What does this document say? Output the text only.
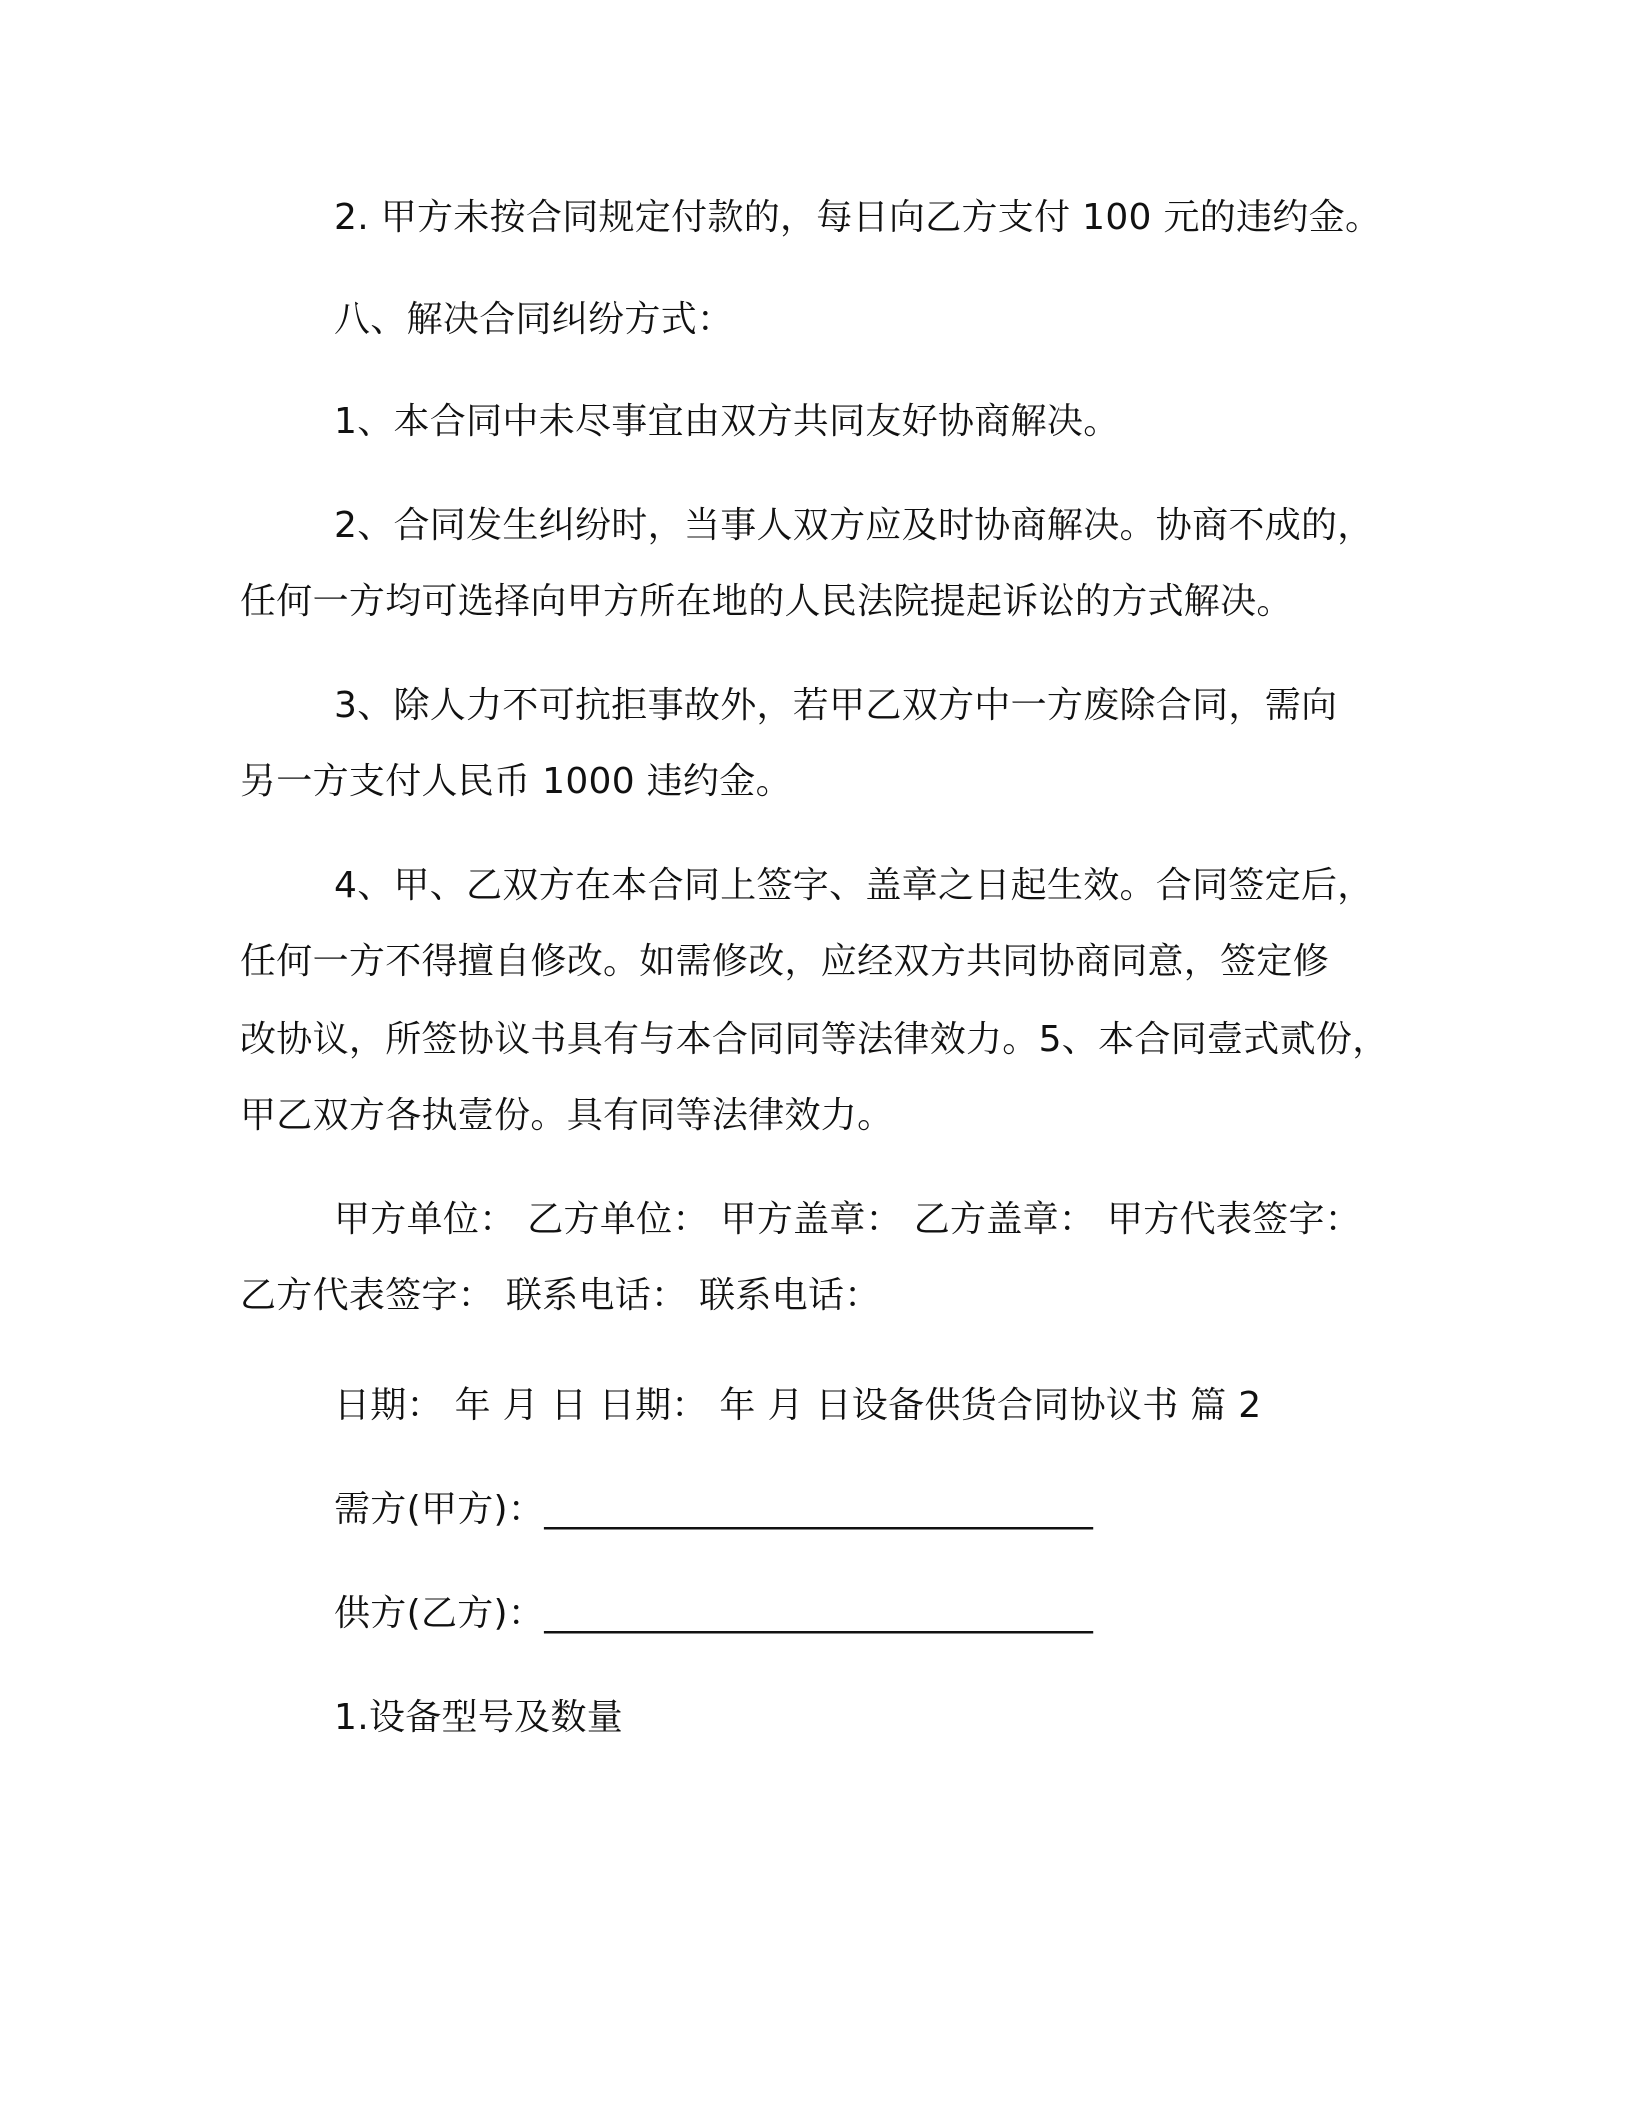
2. 甲方未按合同规定付款的，每日向乙方支付 100 元的违约金。

八、解决合同纠纷方式：

1、本合同中未尽事宜由双方共同友好协商解决。

2、合同发生纠纷时，当事人双方应及时协商解决。协商不成的，

任何一方均可选择向甲方所在地的人民法院提起诉讼的方式解决。

3、除人力不可抗拒事故外，若甲乙双方中一方废除合同，需向

另一方支付人民币 1000 违约金。

4、甲、乙双方在本合同上签字、盖章之日起生效。合同签定后，

任何一方不得擅自修改。如需修改，应经双方共同协商同意，签定修

改协议，所签协议书具有与本合同同等法律效力。5、本合同壹式贰份，

甲乙双方各执壹份。具有同等法律效力。

甲方单位： 乙方单位： 甲方盖章： 乙方盖章： 甲方代表签字：

乙方代表签字： 联系电话： 联系电话：

日期： 年 月 日 日期： 年 月 日设备供货合同协议书 篇 2

需方(甲方)：______________________________

供方(乙方)：______________________________

1.设备型号及数量
